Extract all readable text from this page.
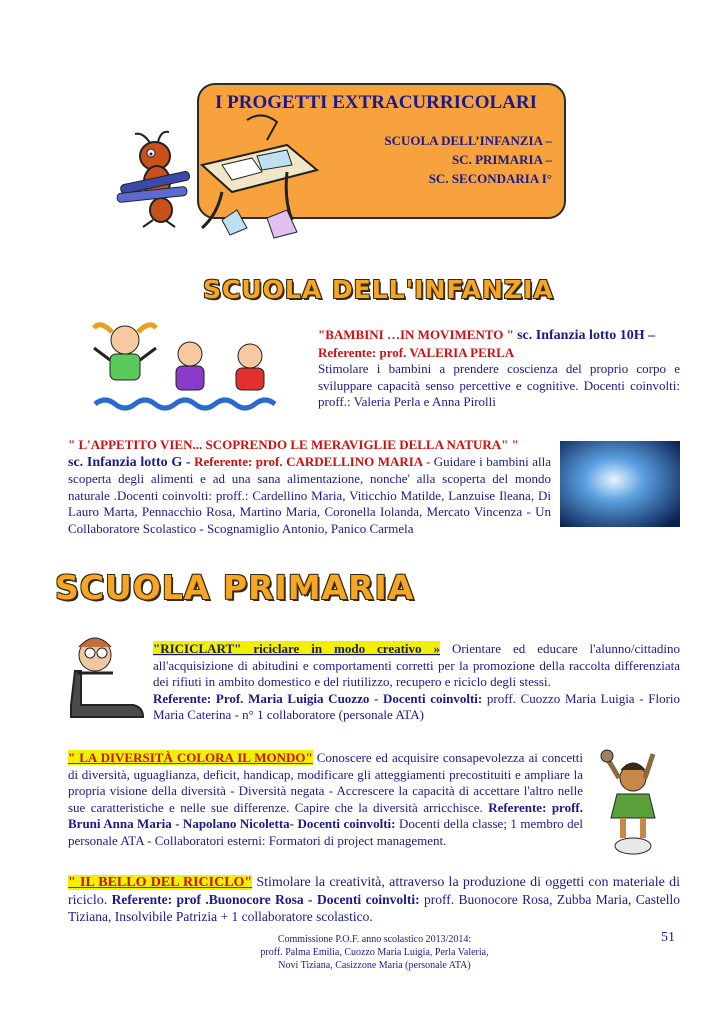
I PROGETTI EXTRACURRICOLARI
SCUOLA DELL’INFANZIA –
SC. PRIMARIA –
SC. SECONDARIA I°
SCUOLA DELL'INFANZIA
"BAMBINI …IN MOVIMENTO " sc. Infanzia lotto 10H –
Referente: prof. VALERIA PERLA
Stimolare i bambini a prendere coscienza del proprio corpo e sviluppare capacità senso percettive e cognitive. Docenti coinvolti: proff.: Valeria Perla e Anna Pirolli
" L'APPETITO VIEN... SCOPRENDO LE MERAVIGLIE DELLA NATURA" "
sc. Infanzia lotto G - Referente: prof. CARDELLINO MARIA - Guidare i bambini alla scoperta degli alimenti e ad una sana alimentazione, nonche' alla scoperta del mondo naturale .Docenti coinvolti: proff.: Cardellino Maria, Viticchio Matilde, Lanzuise Ileana, Di Lauro Marta, Pennacchio Rosa, Martino Maria, Coronella Iolanda, Mercato Vincenza - Un Collaboratore Scolastico - Scognamiglio Antonio, Panico Carmela
SCUOLA PRIMARIA
"RICICLART" riciclare in modo creativo » Orientare ed educare l'alunno/cittadino all'acquisizione di abitudini e comportamenti corretti per la promozione della raccolta differenziata dei rifiuti in ambito domestico e del riutilizzo, recupero e riciclo degli stessi.
Referente: Prof. Maria Luigia Cuozzo - Docenti coinvolti: proff. Cuozzo Maria Luigia - Florio Maria Caterina - n° 1 collaboratore (personale ATA)
" LA DIVERSITÀ COLORA IL MONDO" Conoscere ed acquisire consapevolezza ai concetti di diversità, uguaglianza, deficit, handicap, modificare gli atteggiamenti precostituiti e ampliare la propria visione della diversità - Diversità negata - Accrescere la capacità di accettare l'altro nelle sue caratteristiche e nelle sue differenze. Capire che la diversità arricchisce. Referente: proff. Bruni Anna Maria - Napolano Nicoletta- Docenti coinvolti: Docenti della classe; 1 membro del personale ATA - Collaboratori esterni: Formatori di project management.
" IL BELLO DEL RICICLO" Stimolare la creatività, attraverso la produzione di oggetti con materiale di riciclo. Referente: prof .Buonocore Rosa - Docenti coinvolti: proff. Buonocore Rosa, Zubba Maria, Castello Tiziana, Insolvibile Patrizia + 1 collaboratore scolastico.
Commissione P.O.F. anno scolastico 2013/2014:
proff. Palma Emilia, Cuozzo Maria Luigia, Perla Valeria,
Novi Tiziana, Casizzone Maria (personale ATA)
51
